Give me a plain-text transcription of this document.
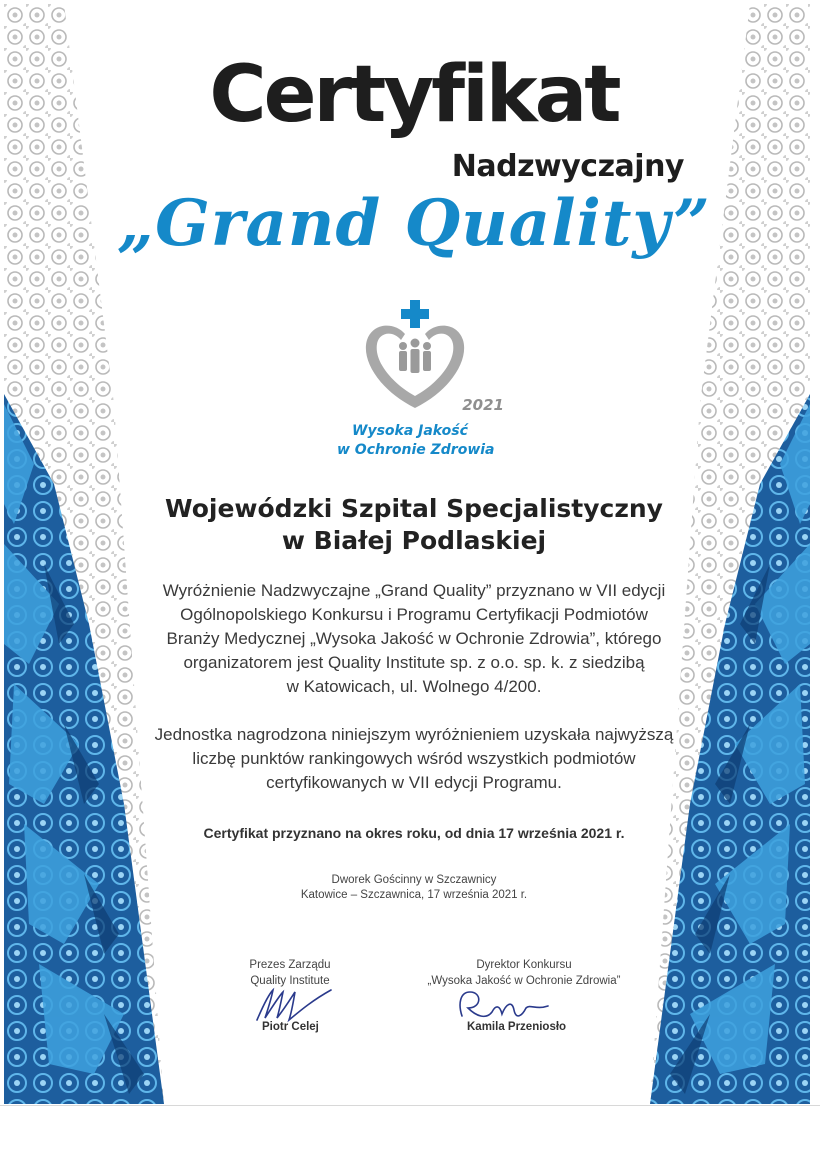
Certyfikat
Nadzwyczajny
„Grand Quality”
2021
Wysoka Jakość
w Ochronie Zdrowia
Wojewódzki Szpital Specjalistyczny
w Białej Podlaskiej
Wyróżnienie Nadzwyczajne „Grand Quality” przyznano w VII edycji
Ogólnopolskiego Konkursu i Programu Certyfikacji Podmiotów
Branży Medycznej „Wysoka Jakość w Ochronie Zdrowia”, którego
organizatorem jest Quality Institute sp. z o.o. sp. k. z siedzibą
w Katowicach, ul. Wolnego 4/200.
Jednostka nagrodzona niniejszym wyróżnieniem uzyskała najwyższą
liczbę punktów rankingowych wśród wszystkich podmiotów
certyfikowanych w VII edycji Programu.
Certyfikat przyznano na okres roku, od dnia 17 września 2021 r.
Dworek Gościnny w Szczawnicy
Katowice – Szczawnica, 17 września 2021 r.
Prezes Zarządu
Quality Institute
Dyrektor Konkursu
„Wysoka Jakość w Ochronie Zdrowia”
Piotr Celej	Kamila Przeniosło
